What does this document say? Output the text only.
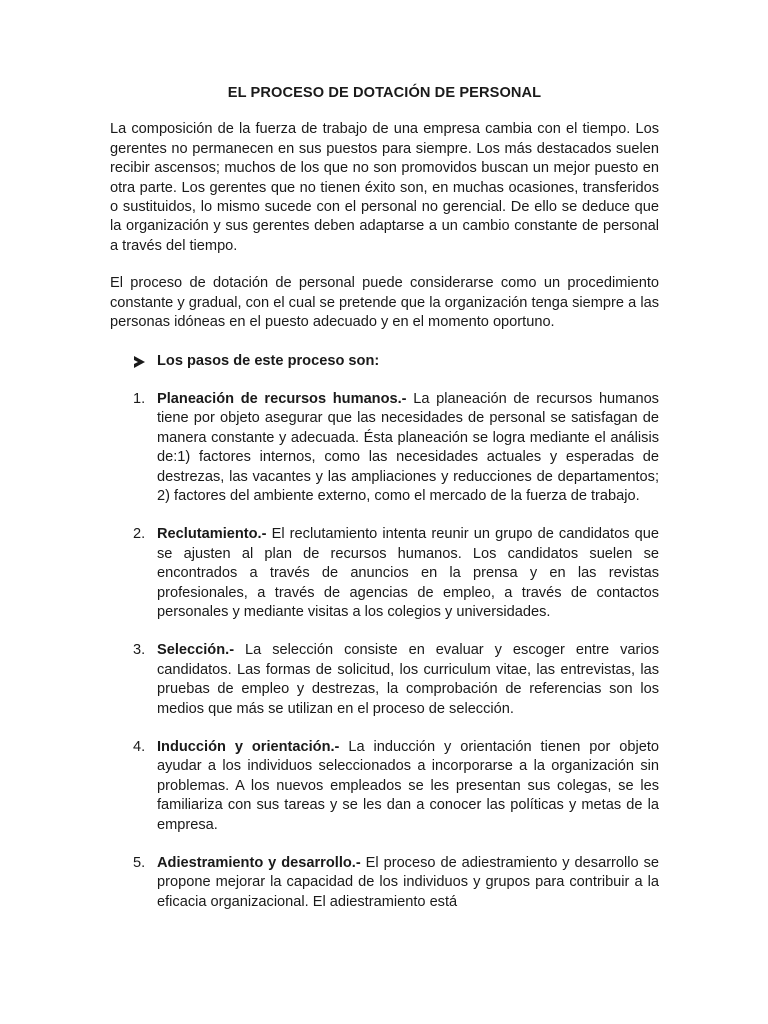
EL PROCESO DE DOTACIÓN DE PERSONAL

La composición de la fuerza de trabajo de una empresa cambia con el tiempo. Los gerentes no permanecen en sus puestos para siempre. Los más destacados suelen recibir ascensos; muchos de los que no son promovidos buscan un mejor puesto en otra parte. Los gerentes que no tienen éxito son, en muchas ocasiones, transferidos o sustituidos, lo mismo sucede con el personal no gerencial. De ello se deduce que la organización y sus gerentes deben adaptarse a un cambio constante de personal a través del tiempo.

El proceso de dotación de personal puede considerarse como un procedimiento constante y gradual, con el cual se pretende que la organización tenga siempre a las personas idóneas en el puesto adecuado y en el momento oportuno.

Los pasos de este proceso son:
1. Planeación de recursos humanos.- La planeación de recursos humanos tiene por objeto asegurar que las necesidades de personal se satisfagan de manera constante y adecuada. Ésta planeación se logra mediante el análisis de:1) factores internos, como las necesidades actuales y esperadas de destrezas, las vacantes y las ampliaciones y reducciones de departamentos; 2) factores del ambiente externo, como el mercado de la fuerza de trabajo.
2. Reclutamiento.- El reclutamiento intenta reunir un grupo de candidatos que se ajusten al plan de recursos humanos. Los candidatos suelen se encontrados a través de anuncios en la prensa y en las revistas profesionales, a través de agencias de empleo, a través de contactos personales y mediante visitas a los colegios y universidades.
3. Selección.- La selección consiste en evaluar y escoger entre varios candidatos. Las formas de solicitud, los curriculum vitae, las entrevistas, las pruebas de empleo y destrezas, la comprobación de referencias son los medios que más se utilizan en el proceso de selección.
4. Inducción y orientación.- La inducción y orientación tienen por objeto ayudar a los individuos seleccionados a incorporarse a la organización sin problemas. A los nuevos empleados se les presentan sus colegas, se les familiariza con sus tareas y se les dan a conocer las políticas y metas de la empresa.
5. Adiestramiento y desarrollo.- El proceso de adiestramiento y desarrollo se propone mejorar la capacidad de los individuos y grupos para contribuir a la eficacia organizacional. El adiestramiento está
